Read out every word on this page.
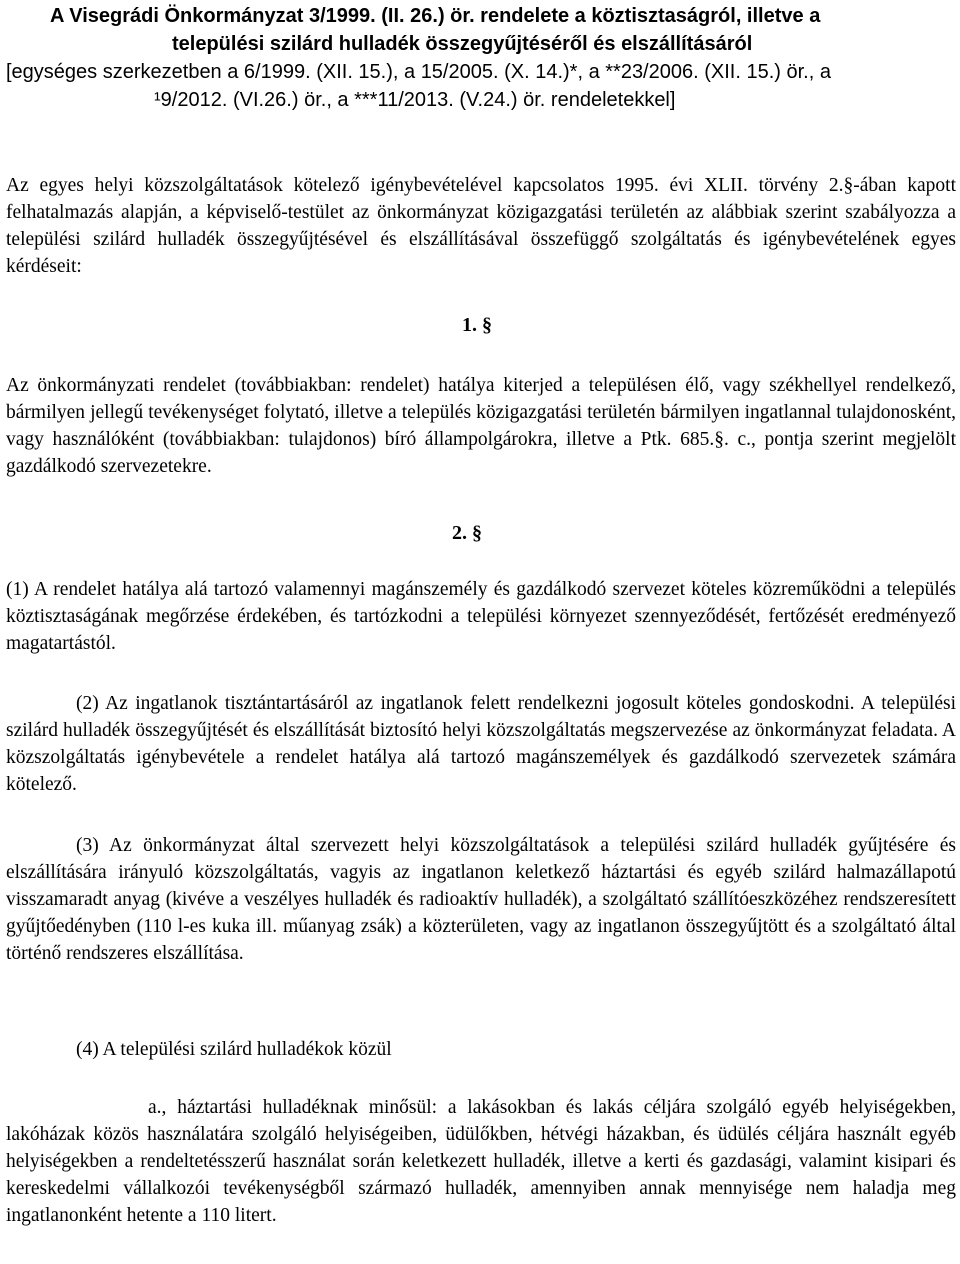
A Visegrádi Önkormányzat 3/1999. (II. 26.) ör. rendelete a köztisztaságról, illetve a

települési szilárd hulladék összegyűjtéséről és elszállításáról

[egységes szerkezetben a 6/1999. (XII. 15.), a 15/2005. (X. 14.)*, a **23/2006. (XII. 15.) ör., a

¹9/2012. (VI.26.) ör., a ***11/2013. (V.24.) ör. rendeletekkel]

Az egyes helyi közszolgáltatások kötelező igénybevételével kapcsolatos 1995. évi XLII. törvény 2.§-ában kapott felhatalmazás alapján, a képviselő-testület az önkormányzat közigazgatási területén az alábbiak szerint szabályozza a települési szilárd hulladék összegyűjtésével és elszállításával összefüggő szolgáltatás és igénybevételének egyes kérdéseit:

1. §

Az önkormányzati rendelet (továbbiakban: rendelet) hatálya kiterjed a településen élő, vagy székhellyel rendelkező, bármilyen jellegű tevékenységet folytató, illetve a település közigazgatási területén bármilyen ingatlannal tulajdonosként, vagy használóként (továbbiakban: tulajdonos) bíró állampolgárokra, illetve a Ptk. 685.§. c., pontja szerint megjelölt gazdálkodó szervezetekre.

2. §

(1) A rendelet hatálya alá tartozó valamennyi magánszemély és gazdálkodó szervezet köteles közreműködni a település köztisztaságának megőrzése érdekében, és tartózkodni a települési környezet szennyeződését, fertőzését eredményező magatartástól.

(2) Az ingatlanok tisztántartásáról az ingatlanok felett rendelkezni jogosult köteles gondoskodni. A települési szilárd hulladék összegyűjtését és elszállítását biztosító helyi közszolgáltatás megszervezése az önkormányzat feladata. A közszolgáltatás igénybevétele a rendelet hatálya alá tartozó magánszemélyek és gazdálkodó szervezetek számára kötelező.

(3) Az önkormányzat által szervezett helyi közszolgáltatások a települési szilárd hulladék gyűjtésére és elszállítására irányuló közszolgáltatás, vagyis az ingatlanon keletkező háztartási és egyéb szilárd halmazállapotú visszamaradt anyag (kivéve a veszélyes hulladék és radioaktív hulladék), a szolgáltató szállítóeszközéhez rendszeresített gyűjtőedényben (110 l-es kuka ill. műanyag zsák) a közterületen, vagy az ingatlanon összegyűjtött és a szolgáltató által történő rendszeres elszállítása.

(4) A települési szilárd hulladékok közül

a., háztartási hulladéknak minősül: a lakásokban és lakás céljára szolgáló egyéb helyiségekben, lakóházak közös használatára szolgáló helyiségeiben, üdülőkben, hétvégi házakban, és üdülés céljára használt egyéb helyiségekben a rendeltetésszerű használat során keletkezett hulladék, illetve a kerti és gazdasági, valamint kisipari és kereskedelmi vállalkozói tevékenységből származó hulladék, amennyiben annak mennyisége nem haladja meg ingatlanonként hetente a 110 litert.
